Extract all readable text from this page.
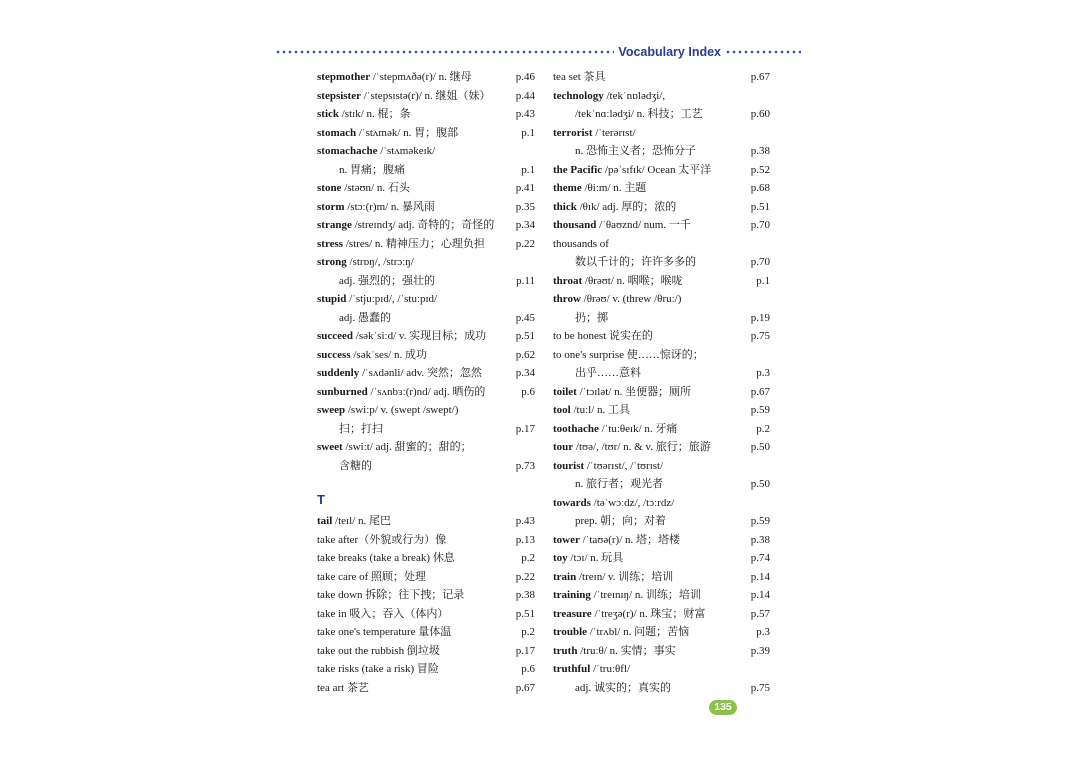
Vocabulary Index
stepmother /ˈstepmʌðə(r)/ n. 继母	p.46
stepsister /ˈstepsɪstə(r)/ n. 继姐（妹） p.44
stick /stɪk/ n. 棍；条	p.43
stomach /ˈstʌmək/ n. 胃；腹部	p.1
stomachache /ˈstʌməkeɪk/
n. 胃痛；腹痛	p.1
stone /stəʊn/ n. 石头	p.41
storm /stɔː(r)m/ n. 暴风雨	p.35
strange /streɪndʒ/ adj. 奇特的；奇怪的 p.34
stress /stres/ n. 精神压力；心理负担	p.22
strong /strɒŋ/, /strɔːŋ/
adj. 强烈的；强壮的	p.11
stupid /ˈstjuːpɪd/, /ˈstuːpɪd/
adj. 愚蠢的	p.45
succeed /səkˈsiːd/ v. 实现目标；成功	p.51
success /səkˈses/ n. 成功	p.62
suddenly /ˈsʌdənli/ adv. 突然；忽然	p.34
sunburned /ˈsʌnbɜː(r)nd/ adj. 晒伤的	p.6
sweep /swiːp/ v. (swept /swept/)
扫；打扫	p.17
sweet /swiːt/ adj. 甜蜜的；甜的；
含糖的	p.73
T
tail /teɪl/ n. 尾巴	p.43
take after（外貌或行为）像	p.13
take breaks (take a break) 休息	p.2
take care of 照顾；处理	p.22
take down 拆除；往下拽；记录	p.38
take in 吸入；吞入（体内）	p.51
take one's temperature 量体温	p.2
take out the rubbish 倒垃圾	p.17
take risks (take a risk) 冒险	p.6
tea art 茶艺	p.67
tea set 茶具	p.67
technology /tekˈnɒlədʒi/,
/tekˈnɑːlədʒi/ n. 科技；工艺	p.60
terrorist /ˈterərɪst/
n. 恐怖主义者；恐怖分子	p.38
the Pacific /pəˈsɪfɪk/ Ocean 太平洋	p.52
theme /θiːm/ n. 主题	p.68
thick /θɪk/ adj. 厚的；浓的	p.51
thousand /ˈθaʊznd/ num. 一千	p.70
thousands of
数以千计的；许许多多的	p.70
throat /θrəʊt/ n. 咽喉；喉咙	p.1
throw /θrəʊ/ v. (threw /θruː/)
扔；掷	p.19
to be honest 说实在的	p.75
to one's surprise 使……惊讶的；
出乎……意料	p.3
toilet /ˈtɔɪlət/ n. 坐便器；厕所	p.67
tool /tuːl/ n. 工具	p.59
toothache /ˈtuːθeɪk/ n. 牙痛	p.2
tour /tʊə/, /tʊr/ n. & v. 旅行；旅游	p.50
tourist /ˈtʊərɪst/, /ˈtʊrɪst/
n. 旅行者；观光者	p.50
towards /təˈwɔːdz/, /tɔːrdz/
prep. 朝；向；对着	p.59
tower /ˈtaʊə(r)/ n. 塔；塔楼	p.38
toy /tɔɪ/ n. 玩具	p.74
train /treɪn/ v. 训练；培训	p.14
training /ˈtreɪnɪŋ/ n. 训练；培训	p.14
treasure /ˈtreʒə(r)/ n. 珠宝；财富	p.57
trouble /ˈtrʌbl/ n. 问题；苦恼	p.3
truth /truːθ/ n. 实情；事实	p.39
truthful /ˈtruːθfl/
adj. 诚实的；真实的	p.75
135
